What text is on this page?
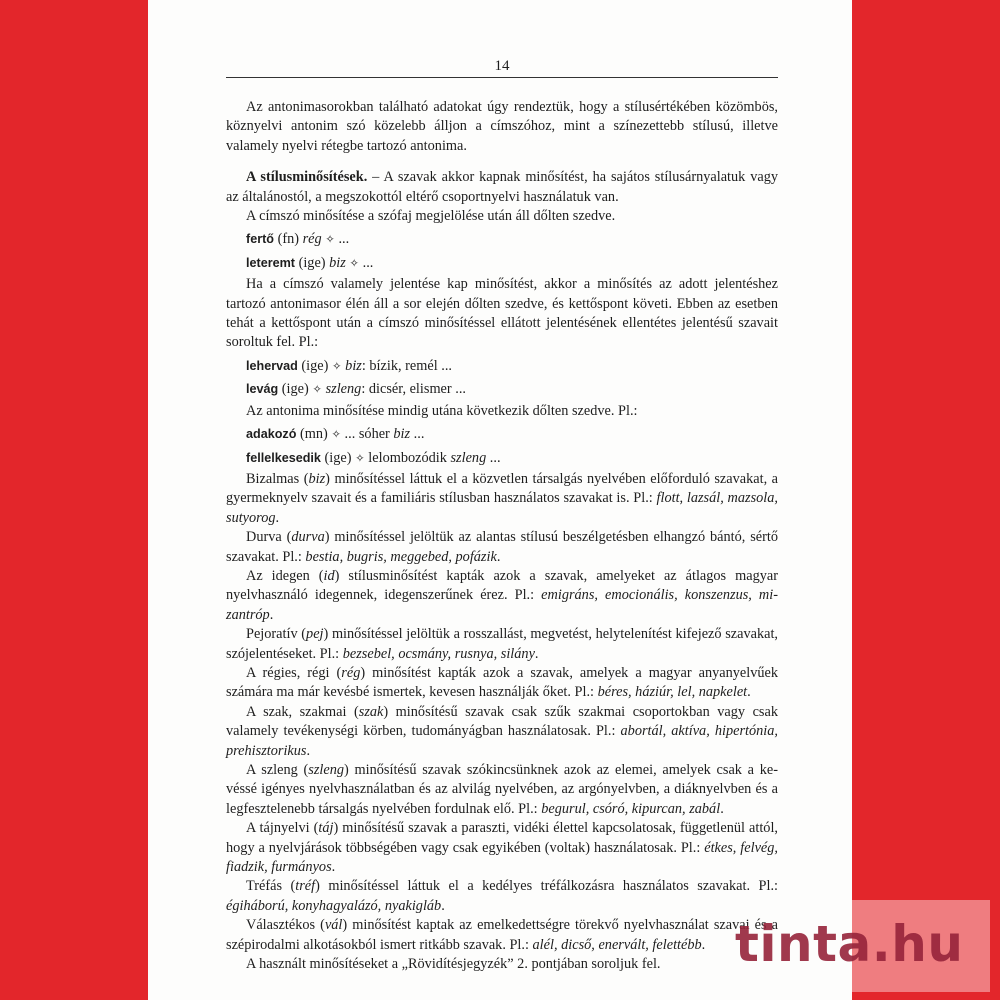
14

Az antonimasorokban található adatokat úgy rendeztük, hogy a stílusértékében közömbös, köznyelvi antonim szó közelebb álljon a címszóhoz, mint a színezettebb stílusú, illetve valamely nyelvi rétegbe tartozó antonima.

A stílusminősítések. – A szavak akkor kapnak minősítést, ha sajátos stílusárnyalatuk vagy az általánostól, a megszokottól eltérő csoportnyelvi használatuk van.

A címszó minősítése a szófaj megjelölése után áll dőlten szedve.

fertő (fn) rég ✧ ...
leteremt (ige) biz ✧ ...

Ha a címszó valamely jelentése kap minősítést, akkor a minősítés az adott jelentéshez tartozó antonimasor élén áll a sor elején dőlten szedve, és kettőspont követi. Ebben az esetben tehát a kettőspont után a címszó minősítéssel ellátott jelentésének ellentétes jelentésű szavait soroltuk fel. Pl.:

lehervad (ige) ✧ biz: bízik, remél ...
levág (ige) ✧ szleng: dicsér, elismer ...

Az antonima minősítése mindig utána következik dőlten szedve. Pl.:

adakozó (mn) ✧ ... sóher biz ...
fellelkesedik (ige) ✧ lelombozódik szleng ...

Bizalmas (biz) minősítéssel láttuk el a közvetlen társalgás nyelvében előforduló szavakat, a gyermeknyelv szavait és a familiáris stílusban használatos szavakat is. Pl.: flott, lazsál, mazsola, sutyorog.

Durva (durva) minősítéssel jelöltük az alantas stílusú beszélgetésben elhangzó bántó, sértő szavakat. Pl.: bestia, bugris, meggebed, pofázik.

Az idegen (id) stílusminősítést kapták azok a szavak, amelyeket az átlagos magyar nyelvhasználó idegennek, idegenszerűnek érez. Pl.: emigráns, emocionális, konszenzus, mizantróp.

Pejoratív (pej) minősítéssel jelöltük a rosszallást, megvetést, helytelenítést kifejező szavakat, szójelentéseket. Pl.: bezsebel, ocsmány, rusnya, silány.

A régies, régi (rég) minősítést kapták azok a szavak, amelyek a magyar anyanyelvűek számára ma már kevésbé ismertek, kevesen használják őket. Pl.: béres, háziúr, lel, napkelet.

A szak, szakmai (szak) minősítésű szavak csak szűk szakmai csoportokban vagy csak valamely tevékenységi körben, tudományágban használatosak. Pl.: abortál, aktíva, hipertónia, prehisztorikus.

A szleng (szleng) minősítésű szavak szókincsünknek azok az elemei, amelyek csak a kevéssé igényes nyelvhasználatban és az alvilág nyelvében, az argónyelvben, a diáknyelvben és a legfesztelenebb társalgás nyelvében fordulnak elő. Pl.: begurul, csóró, kipurcan, zabál.

A tájnyelvi (táj) minősítésű szavak a paraszti, vidéki élettel kapcsolatosak, függetlenül attól, hogy a nyelvjárások többségében vagy csak egyikében (voltak) használatosak. Pl.: étkes, felvég, fiadzik, furmányos.

Tréfás (tréf) minősítéssel láttuk el a kedélyes tréfálkozásra használatos szavakat. Pl.: égiháború, konyhagyalázó, nyakigláb.

Választékos (vál) minősítést kaptak az emelkedettségre törekvő nyelvhasználat szavai és a szépirodalmi alkotásokból ismert ritkább szavak. Pl.: alél, dicső, enervált, felettébb.

A használt minősítéseket a „Rövidítésjegyzék” 2. pontjában soroljuk fel.	tinta.hu
